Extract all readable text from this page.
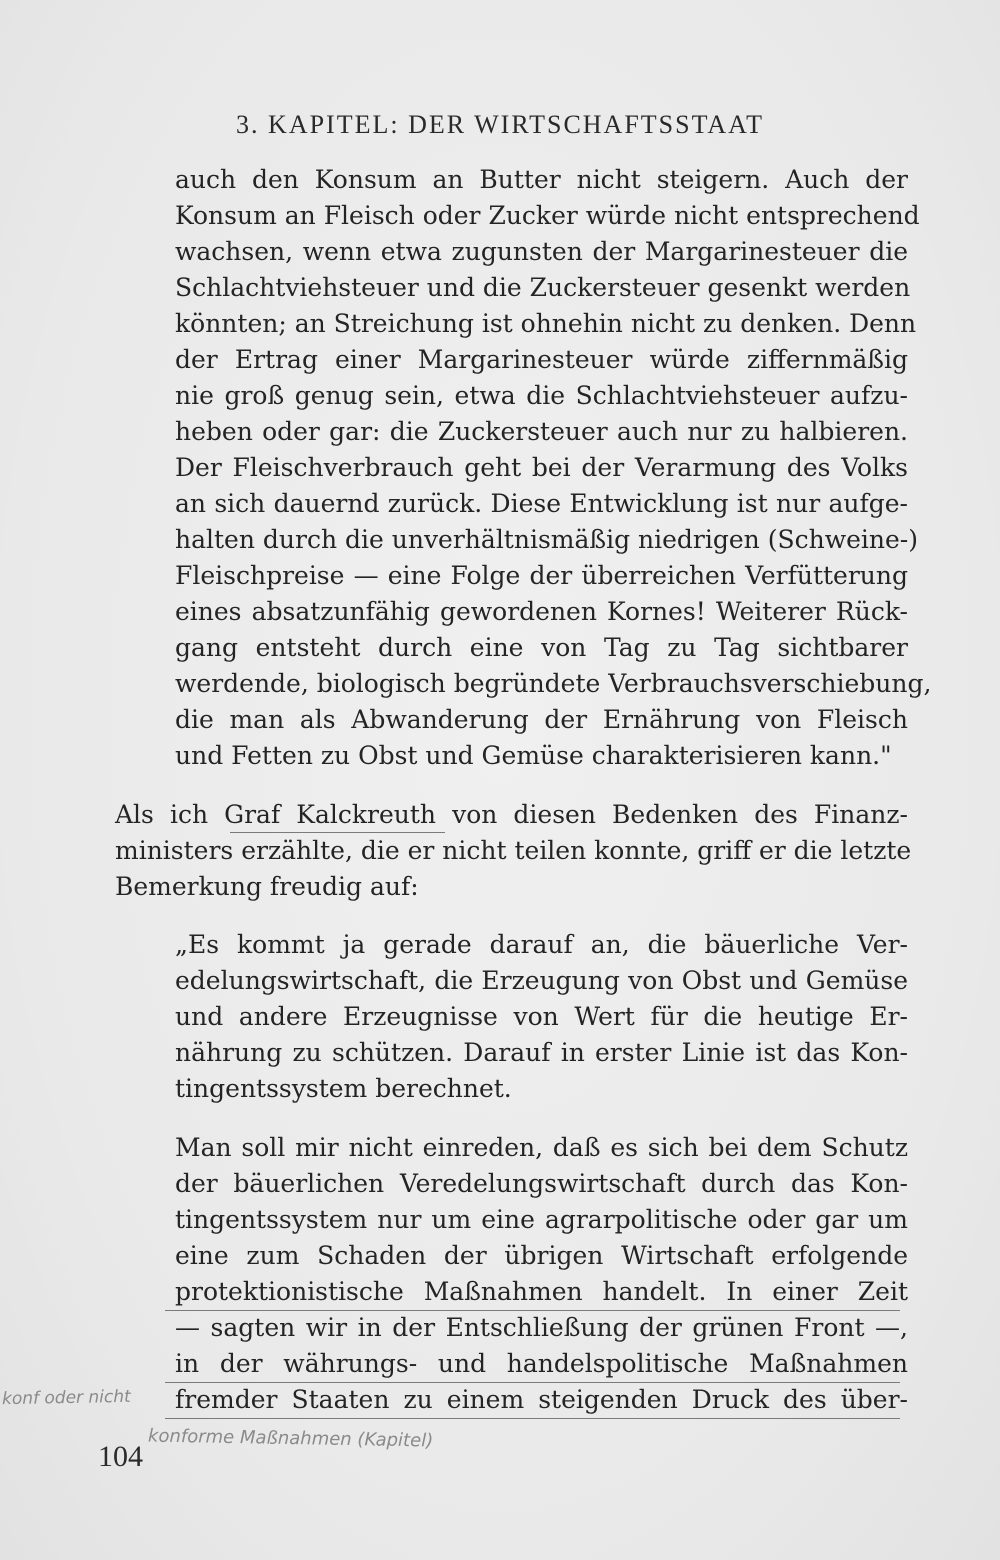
3. KAPITEL: DER WIRTSCHAFTSSTAAT
auch den Konsum an Butter nicht steigern. Auch der
Konsum an Fleisch oder Zucker würde nicht entsprechend
wachsen, wenn etwa zugunsten der Margarinesteuer die
Schlachtviehsteuer und die Zuckersteuer gesenkt werden
könnten; an Streichung ist ohnehin nicht zu denken. Denn
der Ertrag einer Margarinesteuer würde ziffernmäßig
nie groß genug sein, etwa die Schlachtviehsteuer aufzu-
heben oder gar: die Zuckersteuer auch nur zu halbieren.
Der Fleischverbrauch geht bei der Verarmung des Volks
an sich dauernd zurück. Diese Entwicklung ist nur aufge-
halten durch die unverhältnismäßig niedrigen (Schweine-)
Fleischpreise — eine Folge der überreichen Verfütterung
eines absatzunfähig gewordenen Kornes! Weiterer Rück-
gang entsteht durch eine von Tag zu Tag sichtbarer
werdende, biologisch begründete Verbrauchsverschiebung,
die man als Abwanderung der Ernährung von Fleisch
und Fetten zu Obst und Gemüse charakterisieren kann."
Als ich Graf Kalckreuth von diesen Bedenken des Finanz-
ministers erzählte, die er nicht teilen konnte, griff er die letzte
Bemerkung freudig auf:
„Es kommt ja gerade darauf an, die bäuerliche Ver-
edelungswirtschaft, die Erzeugung von Obst und Gemüse
und andere Erzeugnisse von Wert für die heutige Er-
nährung zu schützen. Darauf in erster Linie ist das Kon-
tingentssystem berechnet.
Man soll mir nicht einreden, daß es sich bei dem Schutz
der bäuerlichen Veredelungswirtschaft durch das Kon-
tingentssystem nur um eine agrarpolitische oder gar um
eine zum Schaden der übrigen Wirtschaft erfolgende
protektionistische Maßnahmen handelt. In einer Zeit
— sagten wir in der Entschließung der grünen Front —,
in der währungs- und handelspolitische Maßnahmen
fremder Staaten zu einem steigenden Druck des über-
konf oder nicht
konforme Maßnahmen (Kapitel)
104
